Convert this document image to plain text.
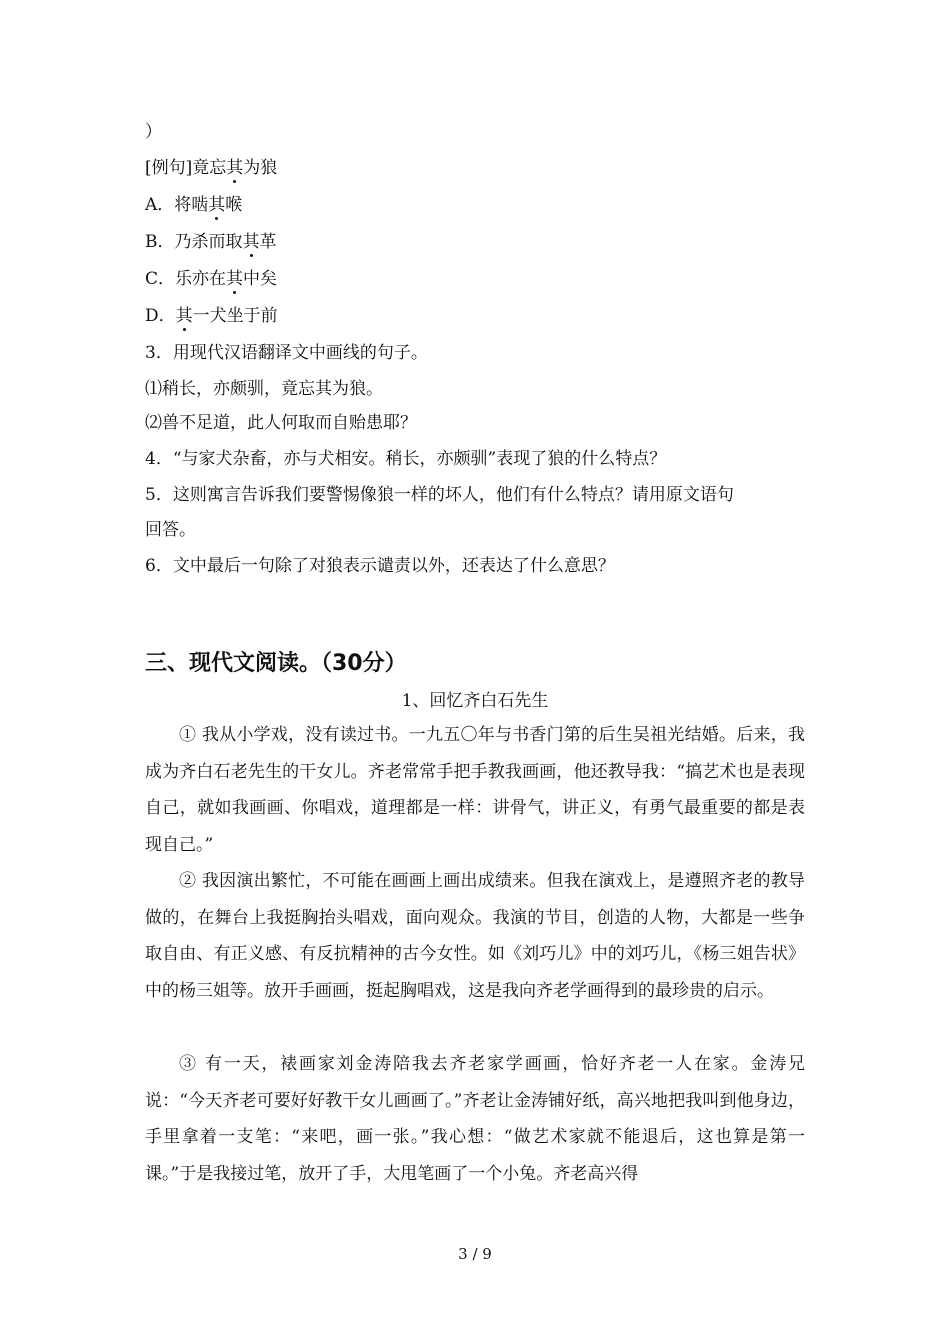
）
[例句]竟忘其为狼
A．将啮其喉
B．乃杀而取其革
C．乐亦在其中矣
D．其一犬坐于前
3．用现代汉语翻译文中画线的句子。
⑴稍长，亦颇驯，竟忘其为狼。
⑵兽不足道，此人何取而自贻患耶？
4．“与家犬杂畜，亦与犬相安。稍长，亦颇驯”表现了狼的什么特点？
5．这则寓言告诉我们要警惕像狼一样的坏人，他们有什么特点？请用原文语句
回答。
6．文中最后一句除了对狼表示谴责以外，还表达了什么意思？
三、现代文阅读。（30分）
1、回忆齐白石先生
① 我从小学戏，没有读过书。一九五〇年与书香门第的后生吴祖光结婚。后来，我成为齐白石老先生的干女儿。齐老常常手把手教我画画，他还教导我：“搞艺术也是表现自己，就如我画画、你唱戏，道理都是一样：讲骨气，讲正义，有勇气最重要的都是表现自己。”
② 我因演出繁忙，不可能在画画上画出成绩来。但我在演戏上，是遵照齐老的教导做的，在舞台上我挺胸抬头唱戏，面向观众。我演的节目，创造的人物，大都是一些争取自由、有正义感、有反抗精神的古今女性。如《刘巧儿》中的刘巧儿，《杨三姐告状》中的杨三姐等。放开手画画，挺起胸唱戏，这是我向齐老学画得到的最珍贵的启示。
③ 有一天，裱画家刘金涛陪我去齐老家学画画，恰好齐老一人在家。金涛兄说：“今天齐老可要好好教干女儿画画了。”齐老让金涛铺好纸，高兴地把我叫到他身边，手里拿着一支笔：“来吧，画一张。”我心想：“做艺术家就不能退后，这也算是第一课。”于是我接过笔，放开了手，大甩笔画了一个小兔。齐老高兴得
3 / 9
